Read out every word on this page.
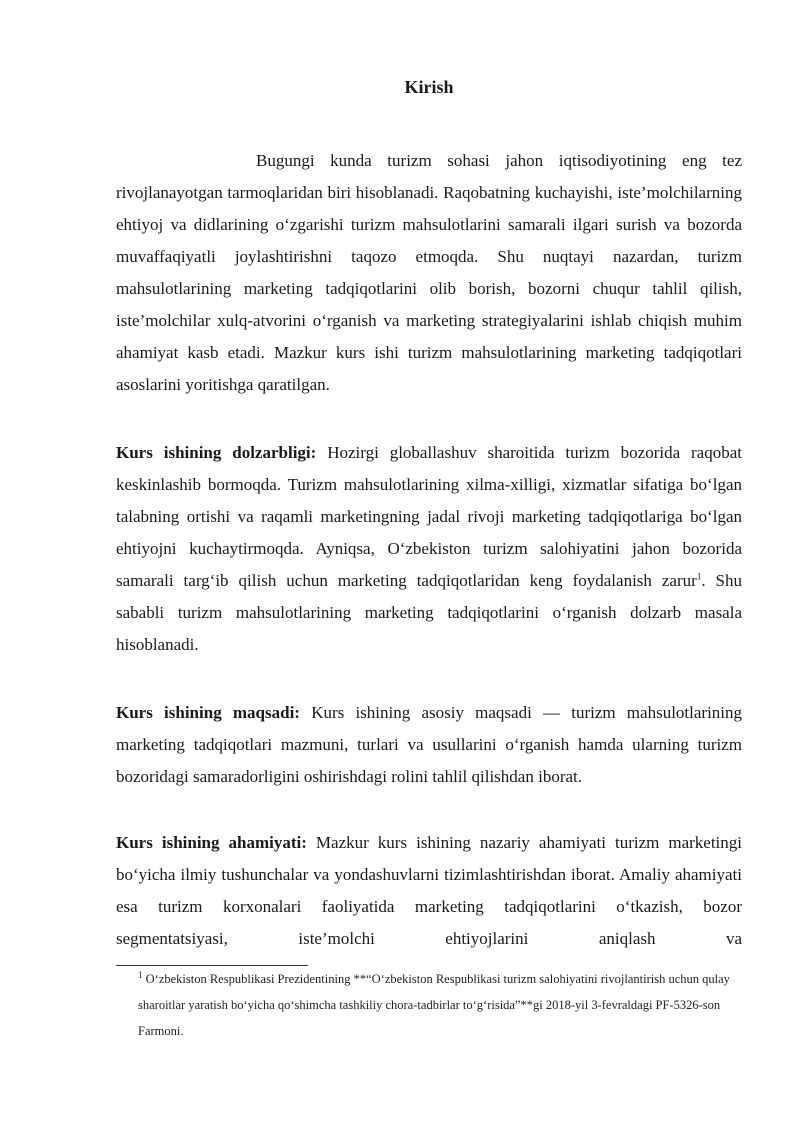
Kirish

Bugungi kunda turizm sohasi jahon iqtisodiyotining eng tez rivojlanayotgan tarmoqlaridan biri hisoblanadi. Raqobatning kuchayishi, iste’molchilarning ehtiyoj va didlarining oʻzgarishi turizm mahsulotlarini samarali ilgari surish va bozorda muvaffaqiyatli joylashtirishni taqozo etmoqda. Shu nuqtayi nazardan, turizm mahsulotlarining marketing tadqiqotlarini olib borish, bozorni chuqur tahlil qilish, iste’molchilar xulq-atvorini oʻrganish va marketing strategiyalarini ishlab chiqish muhim ahamiyat kasb etadi. Mazkur kurs ishi turizm mahsulotlarining marketing tadqiqotlari asoslarini yoritishga qaratilgan.

Kurs ishining dolzarbligi: Hozirgi globallashuv sharoitida turizm bozorida raqobat keskinlashib bormoqda. Turizm mahsulotlarining xilma-xilligi, xizmatlar sifatiga boʻlgan talabning ortishi va raqamli marketingning jadal rivoji marketing tadqiqotlariga boʻlgan ehtiyojni kuchaytirmoqda. Ayniqsa, Oʻzbekiston turizm salohiyatini jahon bozorida samarali targʻib qilish uchun marketing tadqiqotlaridan keng foydalanish zarur$^1$. Shu sababli turizm mahsulotlarining marketing tadqiqotlarini oʻrganish dolzarb masala hisoblanadi.

Kurs ishining maqsadi: Kurs ishining asosiy maqsadi — turizm mahsulotlarining marketing tadqiqotlari mazmuni, turlari va usullarini oʻrganish hamda ularning turizm bozoridagi samaradorligini oshirishdagi rolini tahlil qilishdan iborat.

Kurs ishining ahamiyati: Mazkur kurs ishining nazariy ahamiyati turizm marketingi boʻyicha ilmiy tushunchalar va yondashuvlarni tizimlashtirishdan iborat. Amaliy ahamiyati esa turizm korxonalari faoliyatida marketing tadqiqotlarini oʻtkazish, bozor segmentatsiyasi, iste’molchi ehtiyojlarini aniqlash va

$^1$ Oʻzbekiston Respublikasi Prezidentining **“Oʻzbekiston Respublikasi turizm salohiyatini rivojlantirish uchun qulay sharoitlar yaratish boʻyicha qoʻshimcha tashkiliy chora-tadbirlar toʻgʻrisida”**gi 2018-yil 3-fevraldagi PF-5326-son Farmoni.
